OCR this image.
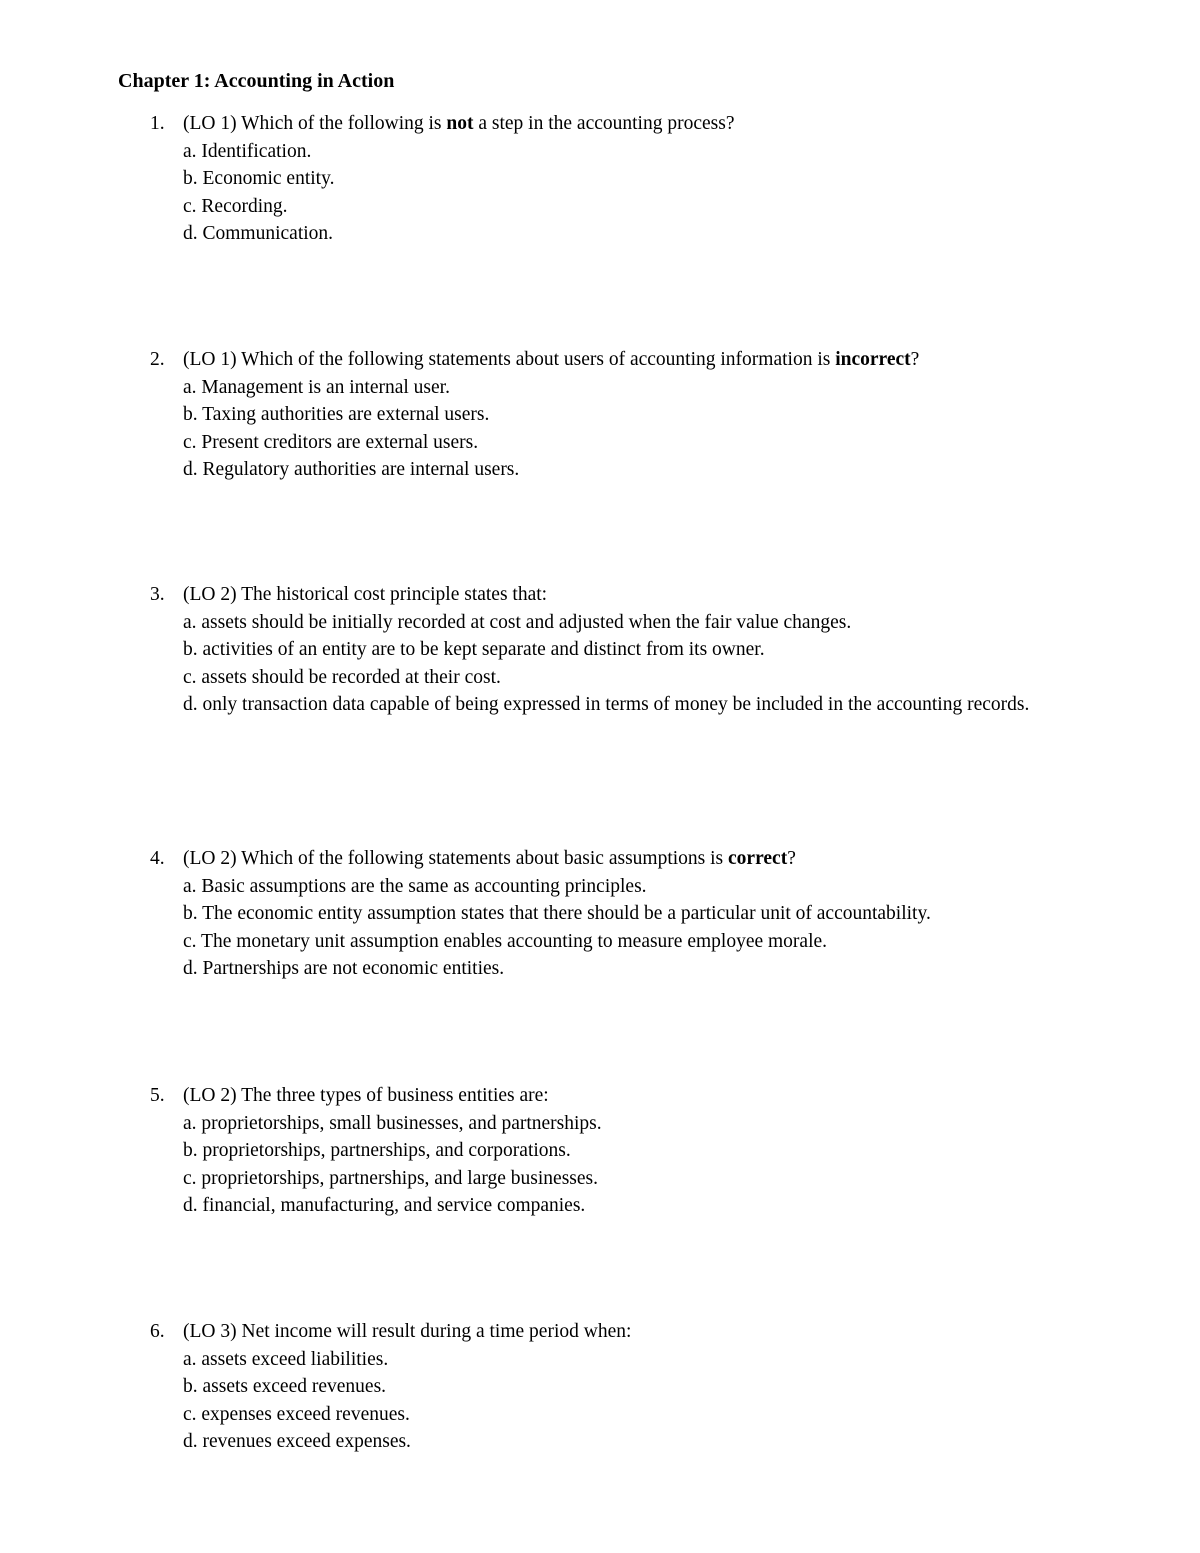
Chapter 1: Accounting in Action
1. (LO 1) Which of the following is not a step in the accounting process?
a. Identification.
b. Economic entity.
c. Recording.
d. Communication.
2. (LO 1) Which of the following statements about users of accounting information is incorrect?
a. Management is an internal user.
b. Taxing authorities are external users.
c. Present creditors are external users.
d. Regulatory authorities are internal users.
3. (LO 2) The historical cost principle states that:
a. assets should be initially recorded at cost and adjusted when the fair value changes.
b. activities of an entity are to be kept separate and distinct from its owner.
c. assets should be recorded at their cost.
d. only transaction data capable of being expressed in terms of money be included in the accounting records.
4. (LO 2) Which of the following statements about basic assumptions is correct?
a. Basic assumptions are the same as accounting principles.
b. The economic entity assumption states that there should be a particular unit of accountability.
c. The monetary unit assumption enables accounting to measure employee morale.
d. Partnerships are not economic entities.
5. (LO 2) The three types of business entities are:
a. proprietorships, small businesses, and partnerships.
b. proprietorships, partnerships, and corporations.
c. proprietorships, partnerships, and large businesses.
d. financial, manufacturing, and service companies.
6. (LO 3) Net income will result during a time period when:
a. assets exceed liabilities.
b. assets exceed revenues.
c. expenses exceed revenues.
d. revenues exceed expenses.
